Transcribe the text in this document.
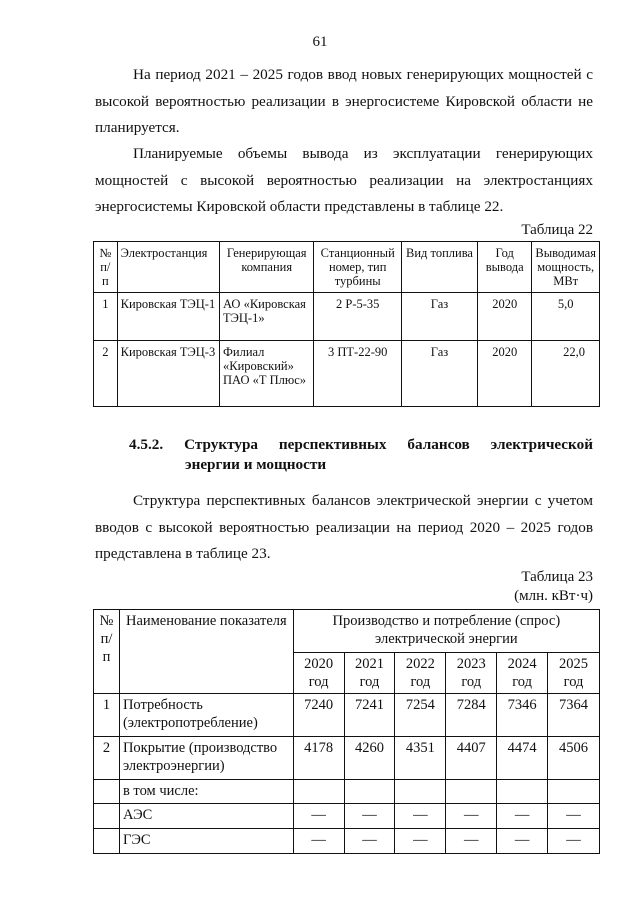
61

На период 2021 – 2025 годов ввод новых генерирующих мощностей с высокой вероятностью реализации в энергосистеме Кировской области не планируется.

Планируемые объемы вывода из эксплуатации генерирующих мощностей с высокой вероятностью реализации на электростанциях энергосистемы Кировской области представлены в таблице 22.

Таблица 22
№ п/п	Электростанция	Генерирующая компания	Станционный номер, тип турбины	Вид топлива	Год вывода	Выводимая мощность, МВт
1	Кировская ТЭЦ-1	АО «Кировская ТЭЦ-1»	2 Р-5-35	Газ	2020	5,0
2	Кировская ТЭЦ-3	Филиал «Кировский» ПАО «Т Плюс»	3 ПТ-22-90	Газ	2020	22,0
4.5.2. Структура перспективных балансов электрической
энергии и мощности

Структура перспективных балансов электрической энергии с учетом вводов с высокой вероятностью реализации на период 2020 – 2025 годов представлена в таблице 23.

Таблица 23
(млн. кВт·ч)
№ п/п	Наименование показателя	Производство и потребление (спрос) электрической энергии					
		2020 год	2021 год	2022 год	2023 год	2024 год	2025 год
1	Потребность (электропотребление)	7240	7241	7254	7284	7346	7364
2	Покрытие (производство электроэнергии)	4178	4260	4351	4407	4474	4506
	в том числе:						
	АЭС	—	—	—	—	—	—
	ГЭС	—	—	—	—	—	—
